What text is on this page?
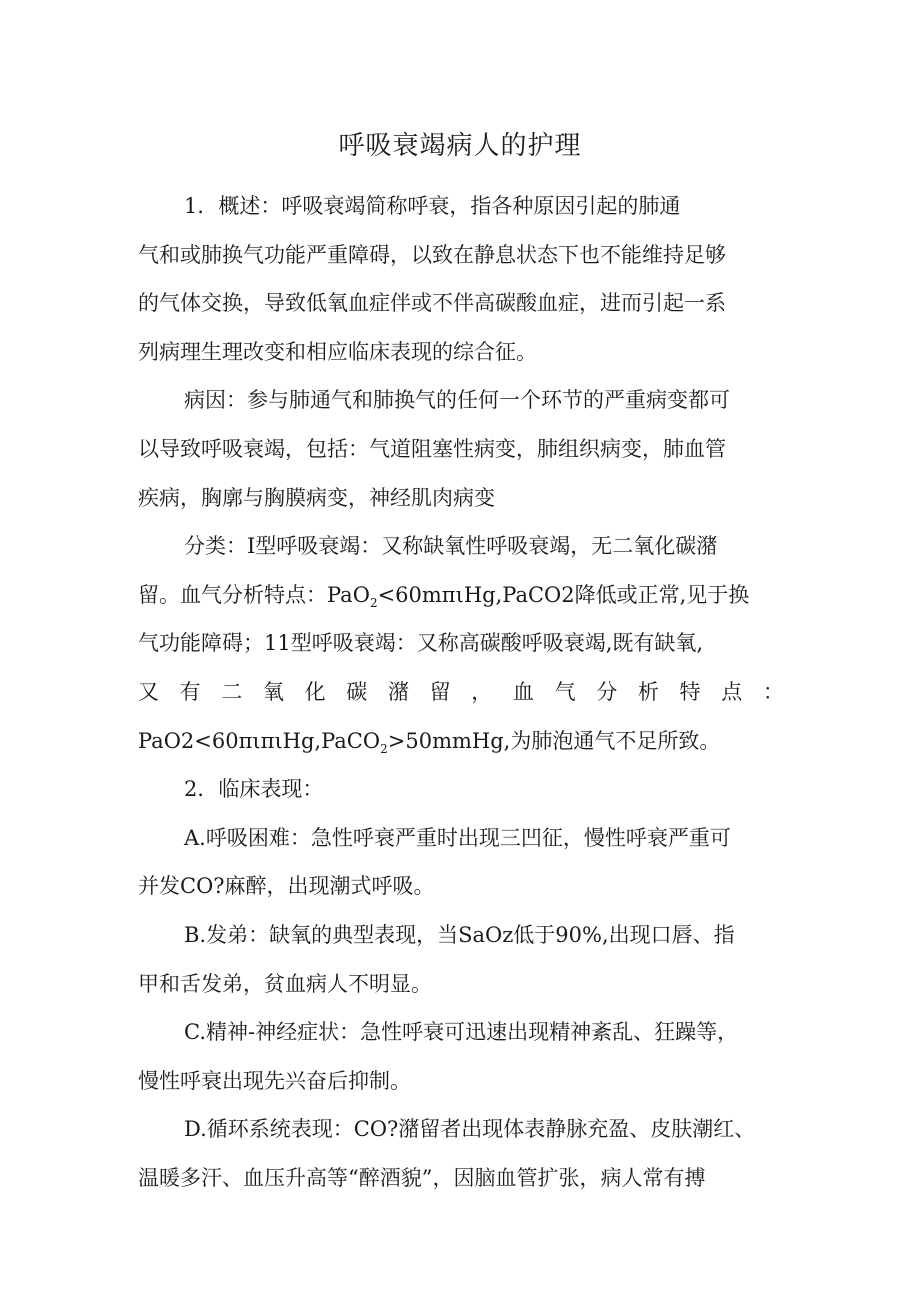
呼吸衰竭病人的护理
1．概述：呼吸衰竭简称呼衰，指各种原因引起的肺通
气和或肺换气功能严重障碍，以致在静息状态下也不能维持足够
的气体交换，导致低氧血症伴或不伴高碳酸血症，进而引起一系
列病理生理改变和相应临床表现的综合征。
病因：参与肺通气和肺换气的任何一个环节的严重病变都可
以导致呼吸衰竭，包括：气道阻塞性病变，肺组织病变，肺血管
疾病，胸廓与胸膜病变，神经肌肉病变
分类：I型呼吸衰竭：又称缺氧性呼吸衰竭，无二氧化碳潴
留。血气分析特点：PaO$_2$<60mπιHg,PaCO2降低或正常,见于换
气功能障碍；11型呼吸衰竭：又称高碳酸呼吸衰竭,既有缺氧,
又 有 二 氧 化 碳 潴 留 ， 血 气 分 析 特 点 ：
PaO2<60πιπιHg,PaCO$_2$>50mmHg,为肺泡通气不足所致。
2．临床表现：
A.呼吸困难：急性呼衰严重时出现三凹征，慢性呼衰严重可
并发CO?麻醉，出现潮式呼吸。
B.发弟：缺氧的典型表现，当SaOz低于90%,出现口唇、指
甲和舌发弟，贫血病人不明显。
C.精神-神经症状：急性呼衰可迅速出现精神紊乱、狂躁等，
慢性呼衰出现先兴奋后抑制。
D.循环系统表现：CO?潴留者出现体表静脉充盈、皮肤潮红、
温暖多汗、血压升高等“醉酒貌”，因脑血管扩张，病人常有搏
